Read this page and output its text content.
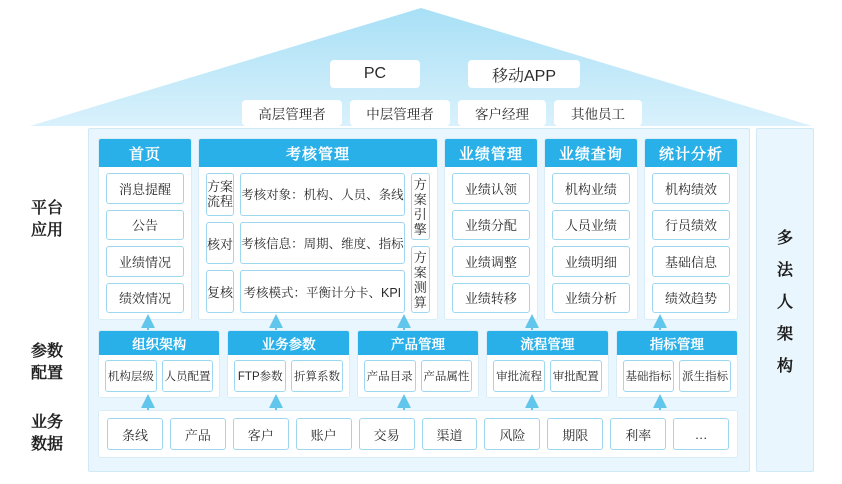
PC	移动APP
高层管理者	中层管理者	客户经理	其他员工
平台
应用
参数
配置
业务
数据
多
法
人
架
构
首页
消息提醒
公告
业绩情况
绩效情况
考核管理
方案
流程
核对
复核
考核对象：机构、人员、条线
考核信息：周期、维度、指标
考核模式：平衡计分卡、KPI
方案
引擎
方案
测算
业绩管理
业绩认领
业绩分配
业绩调整
业绩转移
业绩查询
机构业绩
人员业绩
业绩明细
业绩分析
统计分析
机构绩效
行员绩效
基础信息
绩效趋势
组织架构
机构层级 人员配置
业务参数
FTP参数 折算系数
产品管理
产品目录 产品属性
流程管理
审批流程 审批配置
指标管理
基础指标 派生指标
条线	产品	客户	账户	交易	渠道	风险	期限	利率	…
